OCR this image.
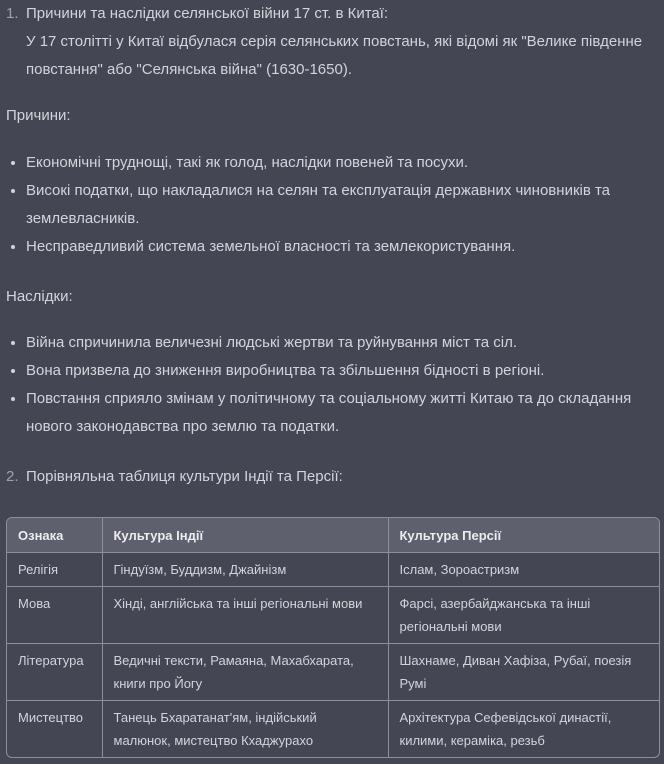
1. Причини та наслідки селянської війни 17 ст. в Китаї:
У 17 столітті у Китаї відбулася серія селянських повстань, які відомі як "Велике південне повстання" або "Селянська війна" (1630-1650).
Причини:
Економічні труднощі, такі як голод, наслідки повеней та посухи.
Високі податки, що накладалися на селян та експлуатація державних чиновників та землевласників.
Несправедливий система земельної власності та землекористування.
Наслідки:
Війна спричинила величезні людські жертви та руйнування міст та сіл.
Вона призвела до зниження виробництва та збільшення бідності в регіоні.
Повстання сприяло змінам у політичному та соціальному житті Китаю та до складання нового законодавства про землю та податки.
2. Порівняльна таблиця культури Індії та Персії:
Ознака	Культура Індії	Культура Персії
Релігія	Гіндуїзм, Буддизм, Джайнізм	Іслам, Зороастризм
Мова	Хінді, англійська та інші регіональні мови	Фарсі, азербайджанська та інші регіональні мови
Література	Ведичні тексти, Рамаяна, Махабхарата, книги про Йогу	Шахнаме, Диван Хафіза, Рубаї, поезія Румі
Мистецтво	Танець Бхаратанат'ям, індійський малюнок, мистецтво Кхаджурахо	Архітектура Сефевідської династії, килими, кераміка, резьб
